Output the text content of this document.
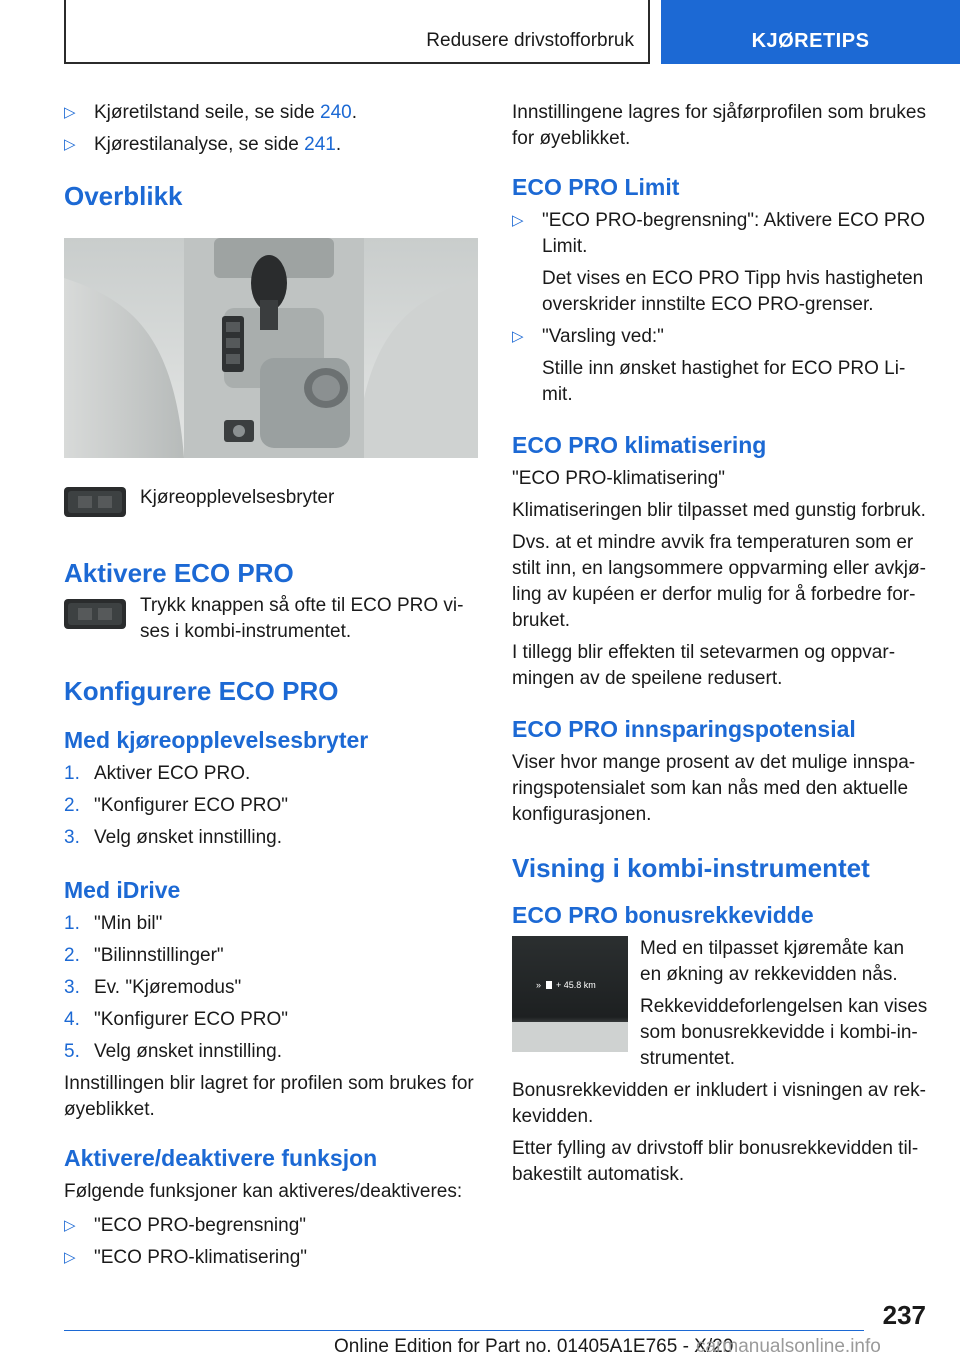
Redusere drivstofforbruk	KJØRETIPS
▷ Kjøretilstand seile, se side 240.
▷ Kjørestilanalyse, se side 241.
Overblikk

Kjøreopplevelsesbryter

Aktivere ECO PRO

Trykk knappen så ofte til ECO PRO vises i kombi-instrumentet.

Konfigurere ECO PRO
Med kjøreopplevelsesbryter
1. Aktiver ECO PRO.
2. "Konfigurer ECO PRO"
3. Velg ønsket innstilling.
Med iDrive
1. "Min bil"
2. "Bilinnstillinger"
3. Ev. "Kjøremodus"
4. "Konfigurer ECO PRO"
5. Velg ønsket innstilling.

Innstillingen blir lagret for profilen som brukes for øyeblikket.

Aktivere/deaktivere funksjon

Følgende funksjoner kan aktiveres/deaktiveres:

▷ "ECO PRO-begrensning"
▷ "ECO PRO-klimatisering"

Innstillingene lagres for sjåførprofilen som brukes for øyeblikket.

ECO PRO Limit
▷ "ECO PRO-begrensning": Aktivere ECO PRO Limit.
Det vises en ECO PRO Tipp hvis hastigheten overskrider innstilte ECO PRO-grenser.
▷ "Varsling ved:"
Stille inn ønsket hastighet for ECO PRO Limit.
ECO PRO klimatisering

"ECO PRO-klimatisering"

Klimatiseringen blir tilpasset med gunstig forbruk.

Dvs. at et mindre avvik fra temperaturen som er stilt inn, en langsommere oppvarming eller avkjøling av kupéen er derfor mulig for å forbedre forbruket.

I tillegg blir effekten til setevarmen og oppvarmingen av de speilene redusert.

ECO PRO innsparingspotensial

Viser hvor mange prosent av det mulige innsparingspotensialet som kan nås med den aktuelle konfigurasjonen.

Visning i kombi-instrumentet
ECO PRO bonusrekkevidde
» + 45.8 km

Med en tilpasset kjøremåte kan en økning av rekkevidden nås.

Rekkeviddeforlengelsen kan vises som bonusrekkevidde i kombi-instrumentet.

Bonusrekkevidden er inkludert i visningen av rekkevidden.

Etter fylling av drivstoff blir bonusrekkevidden tilbakestilt automatisk.

237
Online Edition for Part no. 01405A1E765 - X/20
carmanualsonline.info
